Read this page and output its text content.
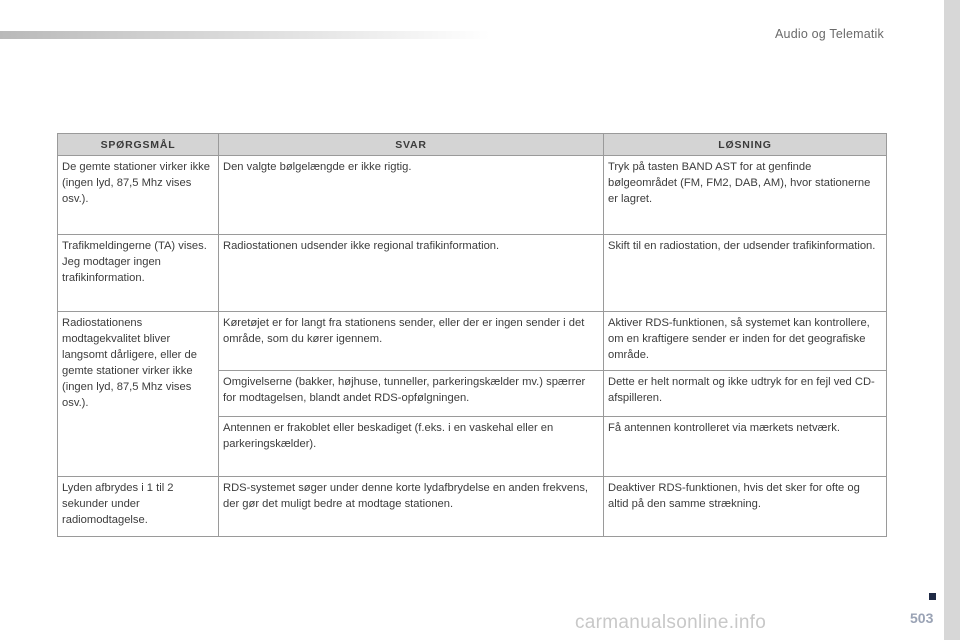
Audio og Telematik
SPØRGSMÅL	SVAR	LØSNING
De gemte stationer virker ikke (ingen lyd, 87,5 Mhz vises osv.).	Den valgte bølgelængde er ikke rigtig.	Tryk på tasten BAND AST for at genfinde bølgeområdet (FM, FM2, DAB, AM), hvor stationerne er lagret.
Trafikmeldingerne (TA) vises. Jeg modtager ingen trafikinformation.	Radiostationen udsender ikke regional trafikinformation.	Skift til en radiostation, der udsender trafikinformation.
Radiostationens modtagekvalitet bliver langsomt dårligere, eller de gemte stationer virker ikke (ingen lyd, 87,5 Mhz vises osv.).	Køretøjet er for langt fra stationens sender, eller der er ingen sender i det område, som du kører igennem.	Aktiver RDS-funktionen, så systemet kan kontrollere, om en kraftigere sender er inden for det geografiske område.
	Omgivelserne (bakker, højhuse, tunneller, parkeringskælder mv.) spærrer for modtagelsen, blandt andet RDS-opfølgningen.	Dette er helt normalt og ikke udtryk for en fejl ved CD-afspilleren.
	Antennen er frakoblet eller beskadiget (f.eks. i en vaskehal eller en parkeringskælder).	Få antennen kontrolleret via mærkets netværk.
Lyden afbrydes i 1 til 2 sekunder under radiomodtagelse.	RDS-systemet søger under denne korte lydafbrydelse en anden frekvens, der gør det muligt bedre at modtage stationen.	Deaktiver RDS-funktionen, hvis det sker for ofte og altid på den samme strækning.
503
carmanualsonline.info
